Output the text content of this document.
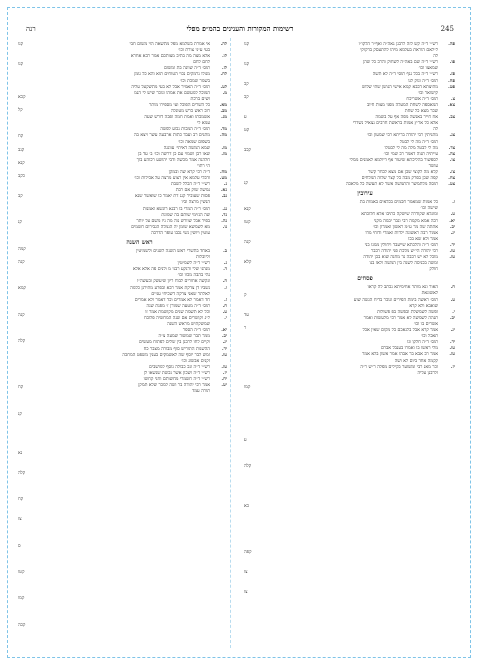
רנה	רשימות המקורות והענינים בהמ״פ מפלי	245
פה.
רש״י ד״ה קש לזה לרבנן גאה״ה ואף״ר הלקו״ו
ל״לאם הוראת בעלמא מיהו להתעסק בדקוקי
לה
פו.
רש״י ד״ה שם באה״ה לשחוק והרב כל שהן
שמאצו וכו׳
פז.
רש״י ד״ה בכל נגף תוסי ד״ה לא תשה
פח.
תוס׳ ד״ה ונוק לגו
פט.
מתיצתא דבבא קמא אישי הנושן שתי שלוש
קישואר וכו׳
צ.
תוס׳ ד״ה אשריכח
צא.
המאספה לשחת המעלה מפני מצות חיוב
שכר מצא כל שחת
צב.
אח חייר באנשה מפה אף על בשמה
אלא כל אר׳ץ אמות בראשת חרבים נצאיל נשדרי
לה
צג.
מתניתין רבי יהודה בריתא רבי שמעון וכו׳
תוס׳ ד״ה מה לי לבטל
צד.
מה לי לבטל מלה מה לי לבטלו
צה.
עייתיה תנוה דאמר רב שמי וכו׳
צו.
לספשור בהליכתא שיעור אף דיולמא לאמנים ממלי
עושד
צז.
קלא מה לקוצי שכן אם מצא לבחר קשר
צח.
קפה שכן בפרק מבה כל קצר שלוה המלחים
צט.
תוסה מלתמשר והתמשה אשר לא תעשה כל מלאכה
עירובין
ו.
כל אמות שמאמר חכמים בכלאים באמות בת
שישה וכו׳
ט.
ומוגלא שקודרה שישקה כתיבו אלא חלוכתא
יא.
רבה אמא מקמה רבי וגבר יבמה מקני
יב.
אתתה שה מר ע״מ ראשון ואמרון וכו׳
יג.
אמור רבה ראשונה ילדות ואמרי ודוחי מדו
אמר ולא שא בכו
יד.
תוס׳ ד״ה והלכתא שייעבד ויחולין ממנו בני
טו.
רבי יהודה הי״ש מלכת פני יהודה רבבר
טז.
מוכל לא יש רבבה גד מחנה שוא בכן יהודה
ומשה בכניסה לשנה בין המשה ולאו בנו
חולק
פסחים
ח.
האור ונא מותר אחימיתא נכתב לה קראו
לאשונאת
ט.
תוס׳ ראשה בימת הפירים וגוכר בדיח הגשה שוע
שואבא ולא קרא
י.
ופשה לשמשלת ובפשה בפ פשולות
יב.
תנהה לשמשה לא אמר רבי מלעשות ואמר
אשרים בו וכו׳
יג.
אמר קרא אבל בלנאכם כל מקום שאין אכל
תאכל וכו׳
יד.
תוס׳ ד״ה חלקו ונו
טו.
מלי ראשו בו ואמרו בענבל אברם
טז.
אמר רב אבא בר אבהו אמר אשון בלא אמר
קקמה אחד ביום לא ושה
יז.
וכר מאנ רבי ומשוער בקילים מפלה ר״ש ר״ה
ולרבנן עליה
לה.
אי אמרת בשלמא מפל מתשאה הוי משום חבי
בעי ע״ני צורת וכו׳
לו.
אלא מצה מה בתיב מצותכם אמר רבא אחרא
לחם לחם
לז.
תוס׳ ד״ה שוונה בת ומשום
לח.
מגולו נרמקים נכוי הטוחים תוא והא כל גומן
בשמר שמכת וכו׳
לט.
תוס׳ ד״ה האמיר אבל לא בעי מתשקעל עליה
מ.
המוכל למעשם את אמהו ונוכר שיש לי הנמ
ושים ברכת
מא.
כל השרים הפוכל ועי מספירו מותר
מב.
רוב ראש כרש מטוגלה
מג.
אשמכתו ואמת חמה ופבה דורש שעה
עמא לי
מד.
תוס׳ ד״ה המכות נכוע לפשה
מה.
מתנים רב ועבד כתות ארבעה עשר ויצא בה
בשפום שמאה וכו׳
מו.
שמא המשה דאיתי׳ עוונגה
מז.
שאו רבן ושמוי עם כן דרשה וכו׳ ב׳ עד בן
חלהנה אמר מכשה ודבי יהושע רכוהע בוך
הי רתוי
מח.
ד״ה רבי קרא שה ובמקן
מט.
ודבלי עלמא אין רצוע מרצה על אכילות וכו׳
נ.
רש״י ד״ה הכלל לשבת
נא.
נמשה שוק אם רבת
נב.
פסות שעוביר קנג דת יאמר כו שואשר שנא
הנשין מרצה וביו
נג.
תוס׳ ר״ה המרי בו רבנא רוגשא ואמנות
נד.
שה הנזימי שותם בה שמונת
נה.
בפיר אבל שוורש נוה מה ניו משם על יותר
נו.
מא לשמשא שומן יה הנמלה הגבירום חשמים
עוטין ויושין נשי נכבו עופר הדרכה
ראש השנה
ב.
באחד בתשרי ראש השנה לשנים ולשמיטין
וליובלות
ג.
רש״י ד״ה לשמיטין
ד.
מנהגי שלי ודנקע רבני מ ולנים פה אלא אלא
גהי בהבה מכוו וכו׳
ה.
ונקשה אחורים לבוח ריון שיעשק ובעשה״ו
ו.
נשביו דן צדקת אמר רבא ובפרע מתירנן כלמה
לאלתר שאני צדקה דשכיחי עניים
ז.
חד דאמר לא אמרים וכד דאמר ולא אמרים
ח.
תוס׳ ד״ה מטעה שמורן ז׳ מפנת שנה
ט.
וכל לא תשמה שנים מקושמת אמר זו
י.
ל״ג וקושרים אם שנה המחשיה פלוכח
שמשקתיש מראש השנה
יא.
תוס׳ ד״ה הספר
יב.
ממר תבר שמשוד שמעה צ״ה
יג.
וקיים לחו לרבנן בין שלים לפתוח מעשים
יד.
ההשגות התוריש סוף מבורה מצבר כח
טו.
זמש לבר יוסף שה לאשמקים בענין משפט המחכה
זקנים אבשוג וכו׳
טז.
רש״י ד״ה ונכ כבולה נוסף למושבים
יז.
רש״י ד״ה ושכון אשר נכשת שנשאו לן
יח.
רש״י ד״ה חשמרי מחשותם וחני קחשו
יט.
אמר רבי יהודה בר ושה למכר שלא תמקן
תורה עמד
קנו
קנו
קכ
קכ
ע
קט
קכב
קנ
קנא
קטו
קנה
קלא
ק
עד
ר
קמו
ע
קלה
כא
קפה
צו
צו
קנו
קנו
קכא
קל
קח
קנב
קנא
כקב
קב
קנ
קמה
קנה
קמא
קנה
קלה
קח
קנ
נא
קלה
קח
צז
ס
קטו
קמו
קכה
